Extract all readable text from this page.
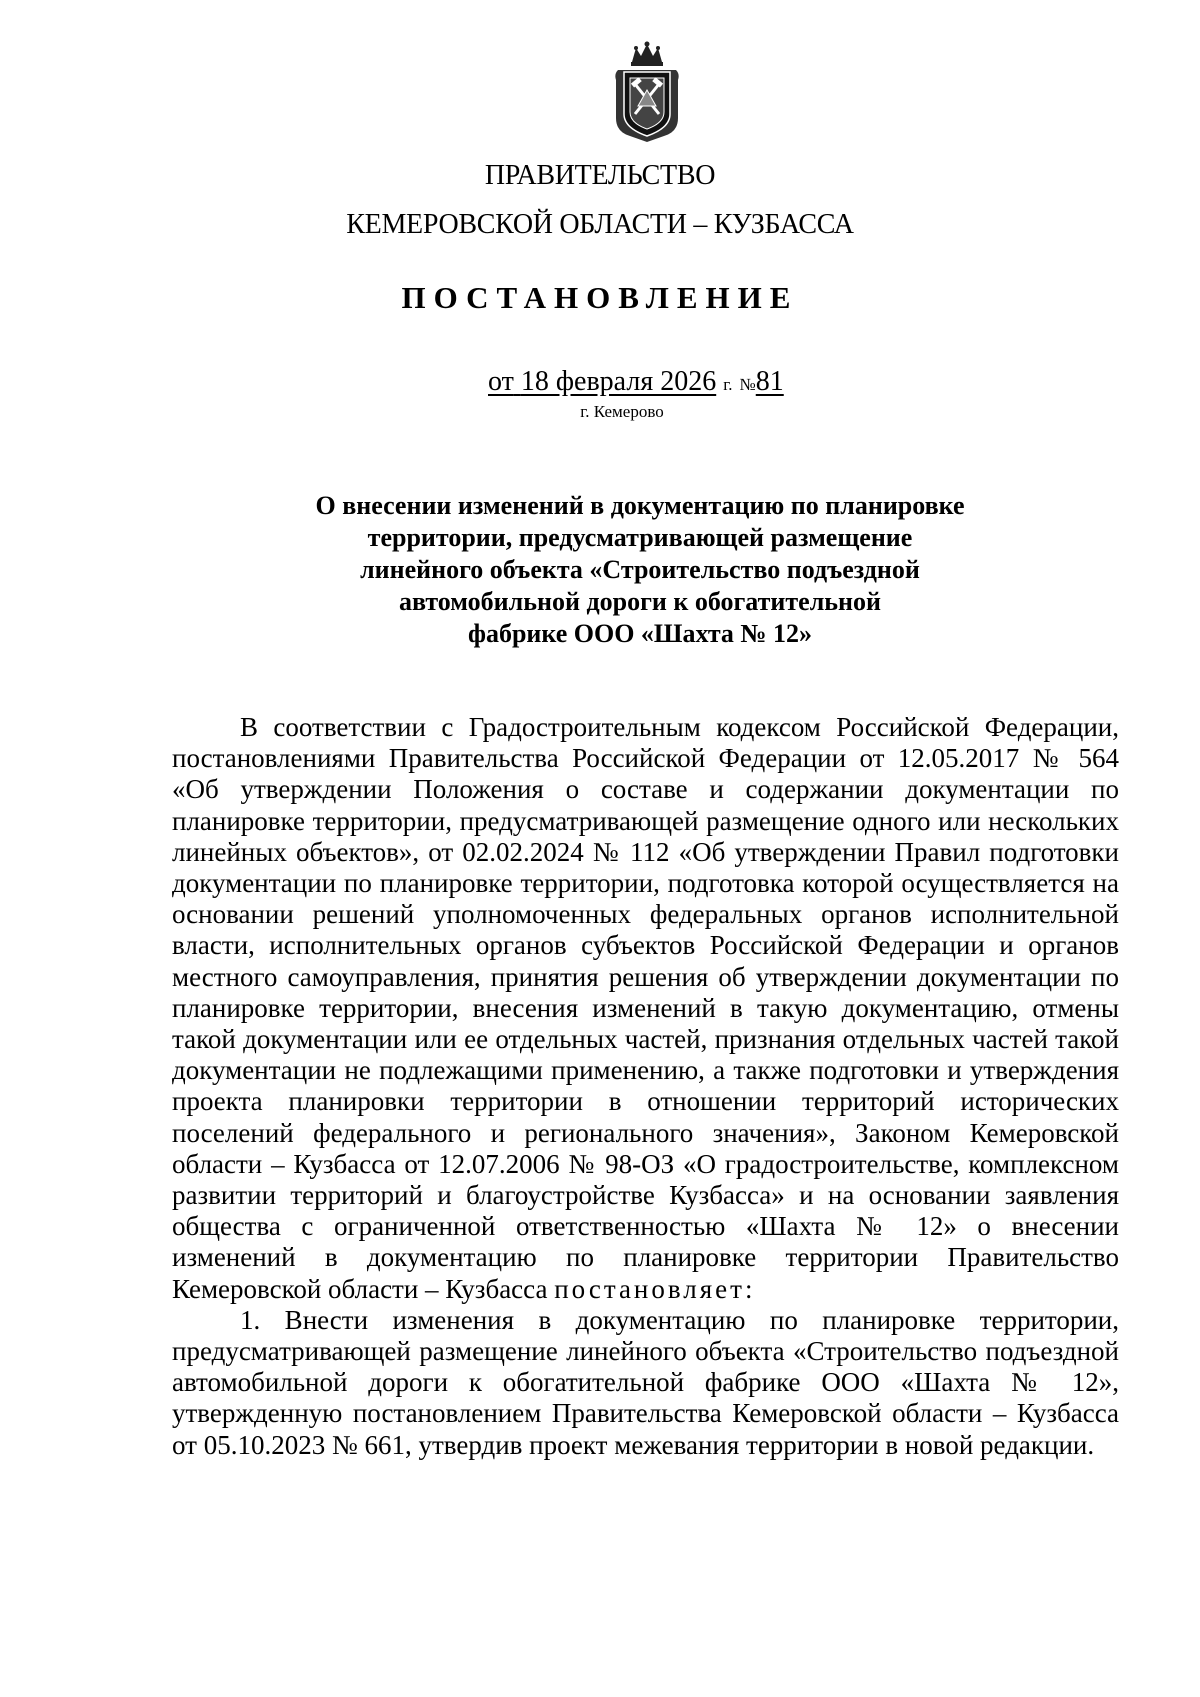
ПРАВИТЕЛЬСТВО
КЕМЕРОВСКОЙ ОБЛАСТИ – КУЗБАССА
ПОСТАНОВЛЕНИЕ
от 18 февраля 2026 г. №81
г. Кемерово
О внесении изменений в документацию по планировке
территории, предусматривающей размещение
линейного объекта «Строительство подъездной
автомобильной дороги к обогатительной
фабрике ООО «Шахта № 12»

В соответствии с Градостроительным кодексом Российской Федерации, постановлениями Правительства Российской Федерации от 12.05.2017 № 564 «Об утверждении Положения о составе и содержании документации по планировке территории, предусматривающей размещение одного или нескольких линейных объектов», от 02.02.2024 № 112 «Об утверждении Правил подготовки документации по планировке территории, подготовка которой осуществляется на основании решений уполномоченных федеральных органов исполнительной власти, исполнительных органов субъектов Российской Федерации и органов местного самоуправления, принятия решения об утверждении документации по планировке территории, внесения изменений в такую документацию, отмены такой документации или ее отдельных частей, признания отдельных частей такой документации не подлежащими применению, а также подготовки и утверждения проекта планировки территории в отношении территорий исторических поселений федерального и регионального значения», Законом Кемеровской области – Кузбасса от 12.07.2006 № 98-ОЗ «О градостроительстве, комплексном развитии территорий и благоустройстве Кузбасса» и на основании заявления общества с ограниченной ответственностью «Шахта № 12» о внесении изменений в документацию по планировке территории Правительство Кемеровской области – Кузбасса постановляет:

1. Внести изменения в документацию по планировке территории, предусматривающей размещение линейного объекта «Строительство подъездной автомобильной дороги к обогатительной фабрике ООО «Шахта № 12», утвержденную постановлением Правительства Кемеровской области – Кузбасса от 05.10.2023 № 661, утвердив проект межевания территории в новой редакции.
